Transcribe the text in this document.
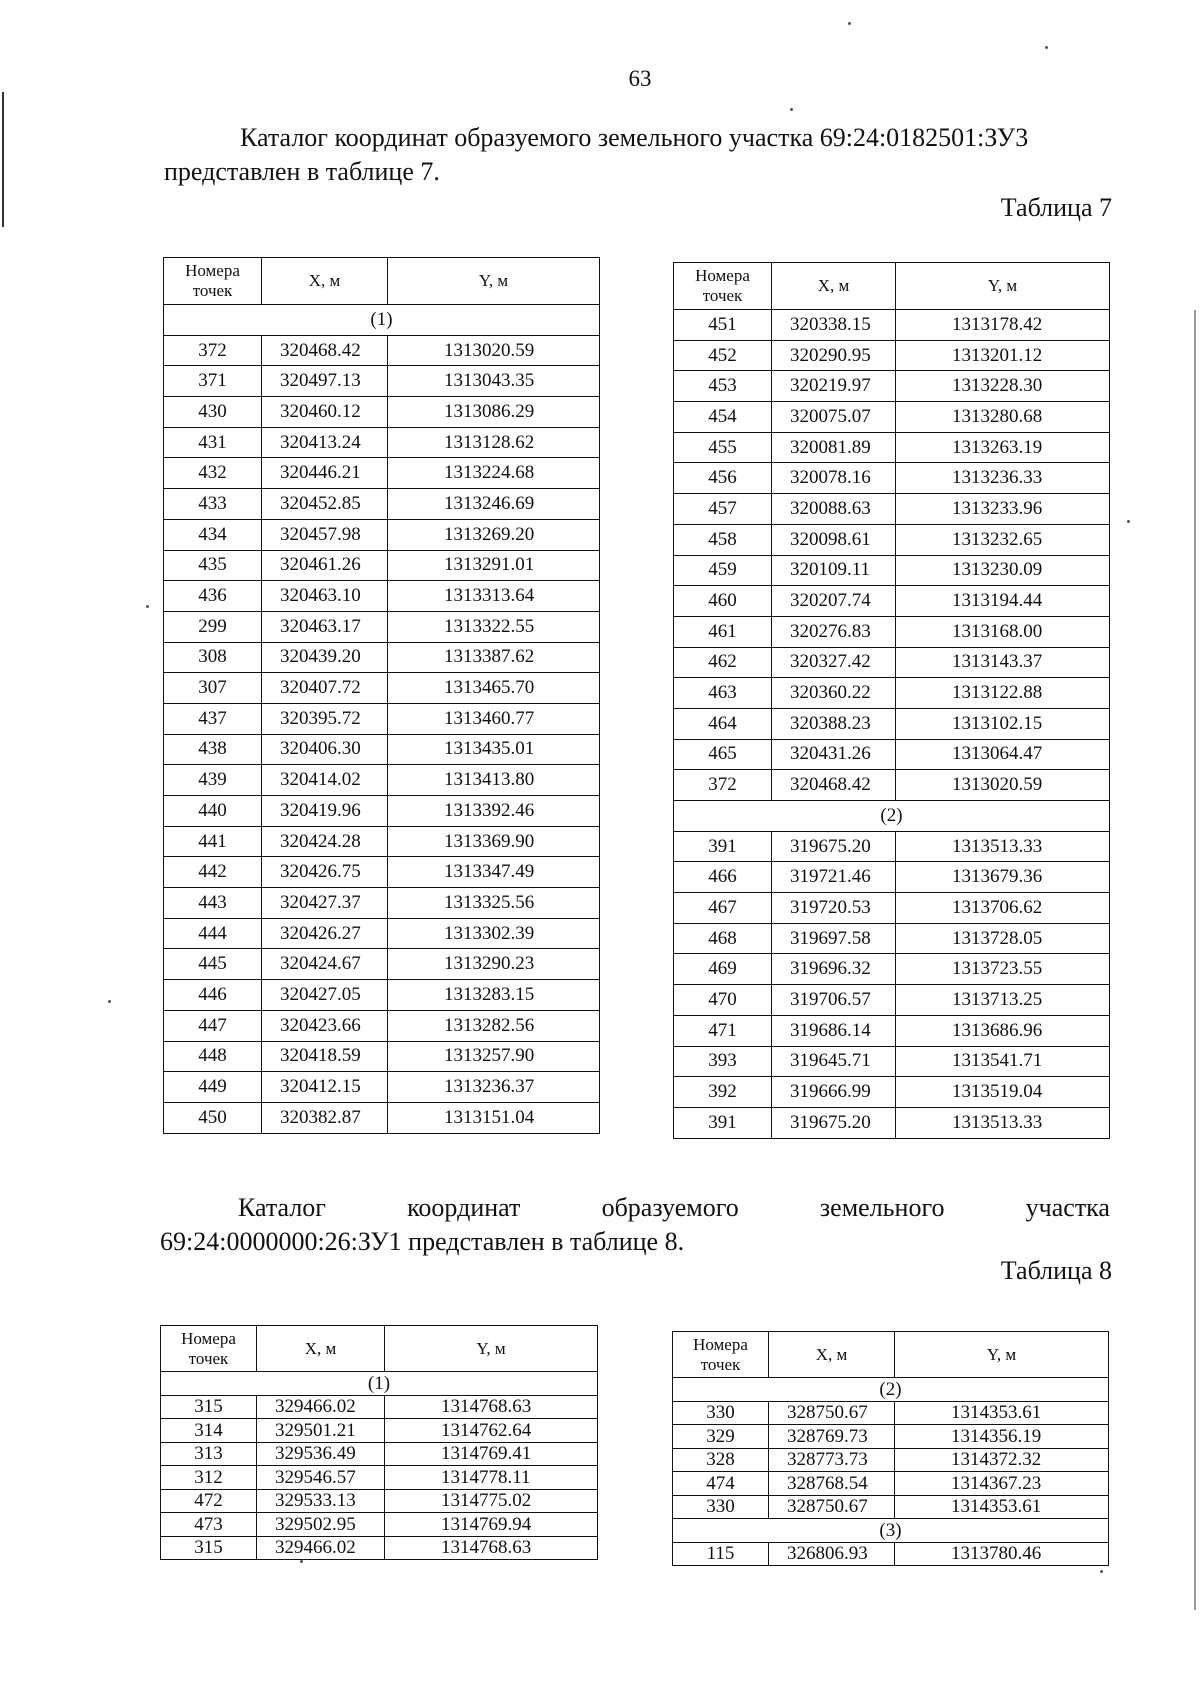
63
Каталог координат образуемого земельного участка 69:24:0182501:ЗУ3
представлен в таблице 7.
Таблица 7
Номера
точек	X, м	Y, м
(1)		
372	320468.42	1313020.59
371	320497.13	1313043.35
430	320460.12	1313086.29
431	320413.24	1313128.62
432	320446.21	1313224.68
433	320452.85	1313246.69
434	320457.98	1313269.20
435	320461.26	1313291.01
436	320463.10	1313313.64
299	320463.17	1313322.55
308	320439.20	1313387.62
307	320407.72	1313465.70
437	320395.72	1313460.77
438	320406.30	1313435.01
439	320414.02	1313413.80
440	320419.96	1313392.46
441	320424.28	1313369.90
442	320426.75	1313347.49
443	320427.37	1313325.56
444	320426.27	1313302.39
445	320424.67	1313290.23
446	320427.05	1313283.15
447	320423.66	1313282.56
448	320418.59	1313257.90
449	320412.15	1313236.37
450	320382.87	1313151.04
Номера
точек	X, м	Y, м
451	320338.15	1313178.42
452	320290.95	1313201.12
453	320219.97	1313228.30
454	320075.07	1313280.68
455	320081.89	1313263.19
456	320078.16	1313236.33
457	320088.63	1313233.96
458	320098.61	1313232.65
459	320109.11	1313230.09
460	320207.74	1313194.44
461	320276.83	1313168.00
462	320327.42	1313143.37
463	320360.22	1313122.88
464	320388.23	1313102.15
465	320431.26	1313064.47
372	320468.42	1313020.59
(2)		
391	319675.20	1313513.33
466	319721.46	1313679.36
467	319720.53	1313706.62
468	319697.58	1313728.05
469	319696.32	1313723.55
470	319706.57	1313713.25
471	319686.14	1313686.96
393	319645.71	1313541.71
392	319666.99	1313519.04
391	319675.20	1313513.33
Каталог	координат	образуемого	земельного	участка
69:24:0000000:26:ЗУ1 представлен в таблице 8.
Таблица 8
Номера
точек	X, м	Y, м
(1)		
315	329466.02	1314768.63
314	329501.21	1314762.64
313	329536.49	1314769.41
312	329546.57	1314778.11
472	329533.13	1314775.02
473	329502.95	1314769.94
315	329466.02	1314768.63
Номера
точек	X, м	Y, м
(2)		
330	328750.67	1314353.61
329	328769.73	1314356.19
328	328773.73	1314372.32
474	328768.54	1314367.23
330	328750.67	1314353.61
(3)		
115	326806.93	1313780.46
